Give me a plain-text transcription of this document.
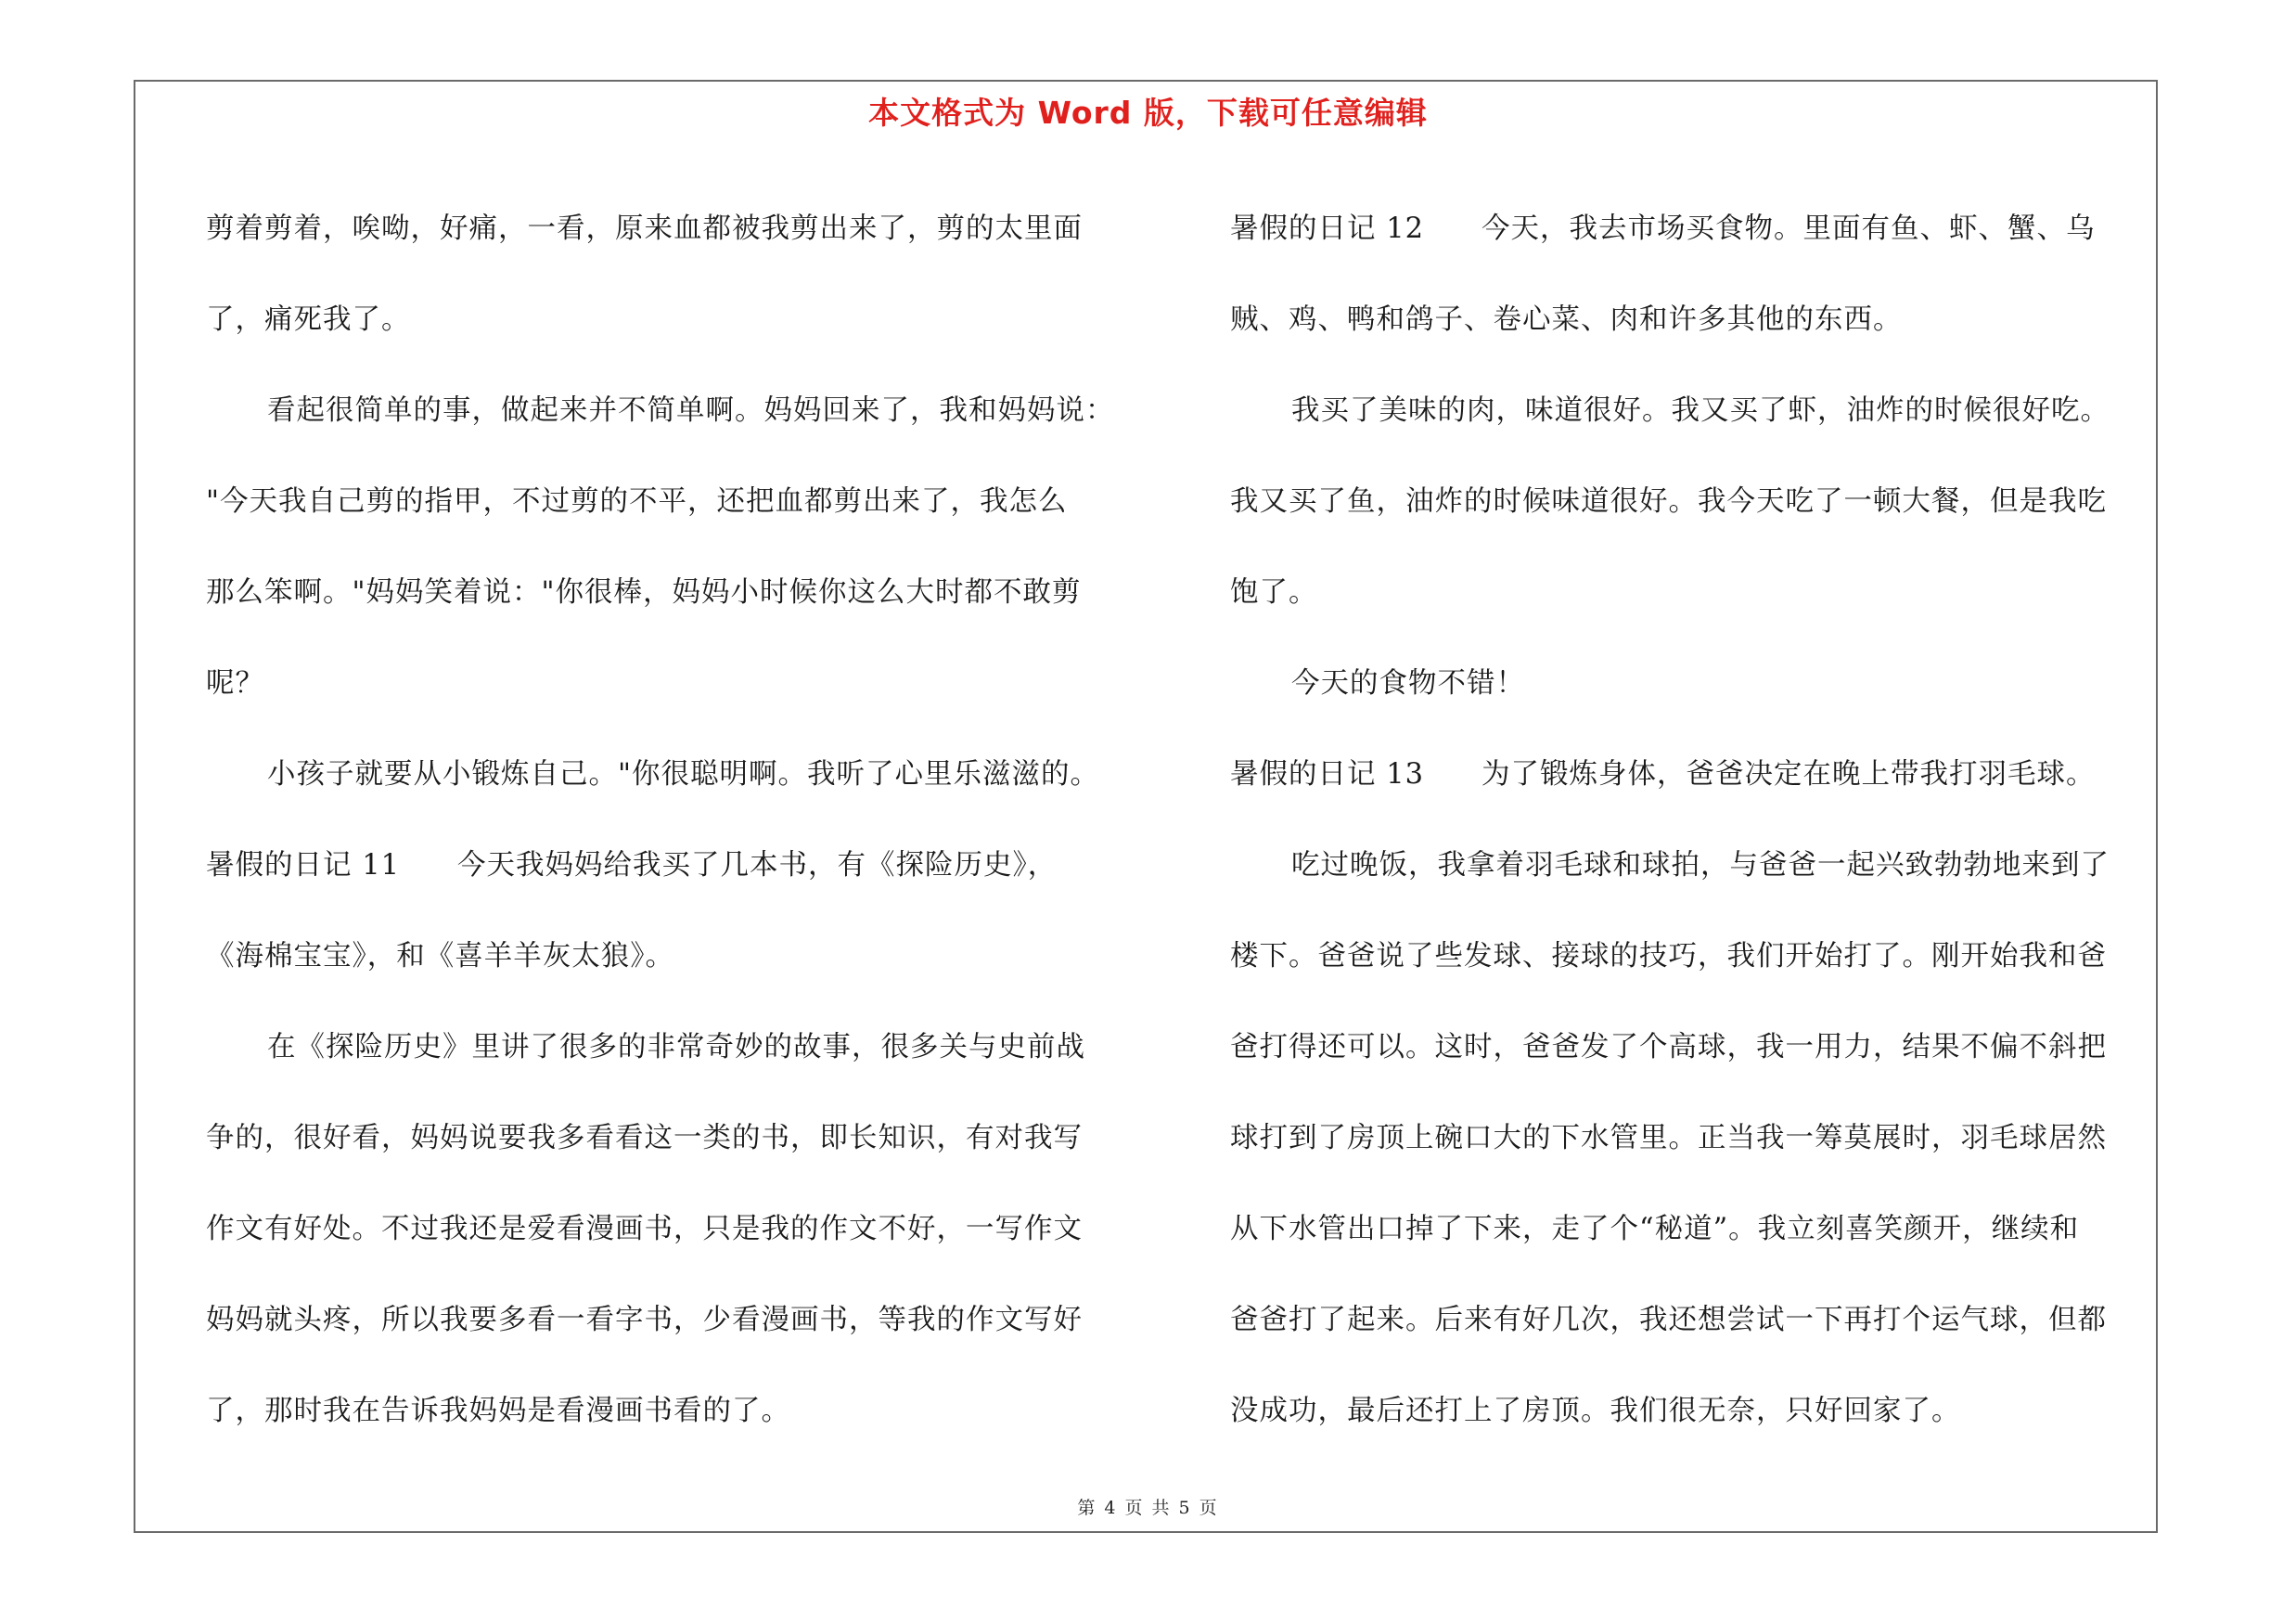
本文格式为 Word 版，下载可任意编辑
剪着剪着，唉呦，好痛，一看，原来血都被我剪出来了，剪的太里面
了，痛死我了。
看起很简单的事，做起来并不简单啊。妈妈回来了，我和妈妈说：
"今天我自己剪的指甲，不过剪的不平，还把血都剪出来了，我怎么
那么笨啊。"妈妈笑着说："你很棒，妈妈小时候你这么大时都不敢剪
呢？
小孩子就要从小锻炼自己。"你很聪明啊。我听了心里乐滋滋的。
暑假的日记 11 今天我妈妈给我买了几本书，有《探险历史》，
《海棉宝宝》，和《喜羊羊灰太狼》。
在《探险历史》里讲了很多的非常奇妙的故事，很多关与史前战
争的，很好看，妈妈说要我多看看这一类的书，即长知识，有对我写
作文有好处。不过我还是爱看漫画书，只是我的作文不好，一写作文
妈妈就头疼，所以我要多看一看字书，少看漫画书，等我的作文写好
了，那时我在告诉我妈妈是看漫画书看的了。
暑假的日记 12 今天，我去市场买食物。里面有鱼、虾、蟹、乌
贼、鸡、鸭和鸽子、卷心菜、肉和许多其他的东西。
我买了美味的肉，味道很好。我又买了虾，油炸的时候很好吃。
我又买了鱼，油炸的时候味道很好。我今天吃了一顿大餐，但是我吃
饱了。
今天的食物不错！
暑假的日记 13 为了锻炼身体，爸爸决定在晚上带我打羽毛球。
吃过晚饭，我拿着羽毛球和球拍，与爸爸一起兴致勃勃地来到了
楼下。爸爸说了些发球、接球的技巧，我们开始打了。刚开始我和爸
爸打得还可以。这时，爸爸发了个高球，我一用力，结果不偏不斜把
球打到了房顶上碗口大的下水管里。正当我一筹莫展时，羽毛球居然
从下水管出口掉了下来，走了个“秘道”。我立刻喜笑颜开，继续和
爸爸打了起来。后来有好几次，我还想尝试一下再打个运气球，但都
没成功，最后还打上了房顶。我们很无奈，只好回家了。
第 4 页 共 5 页
